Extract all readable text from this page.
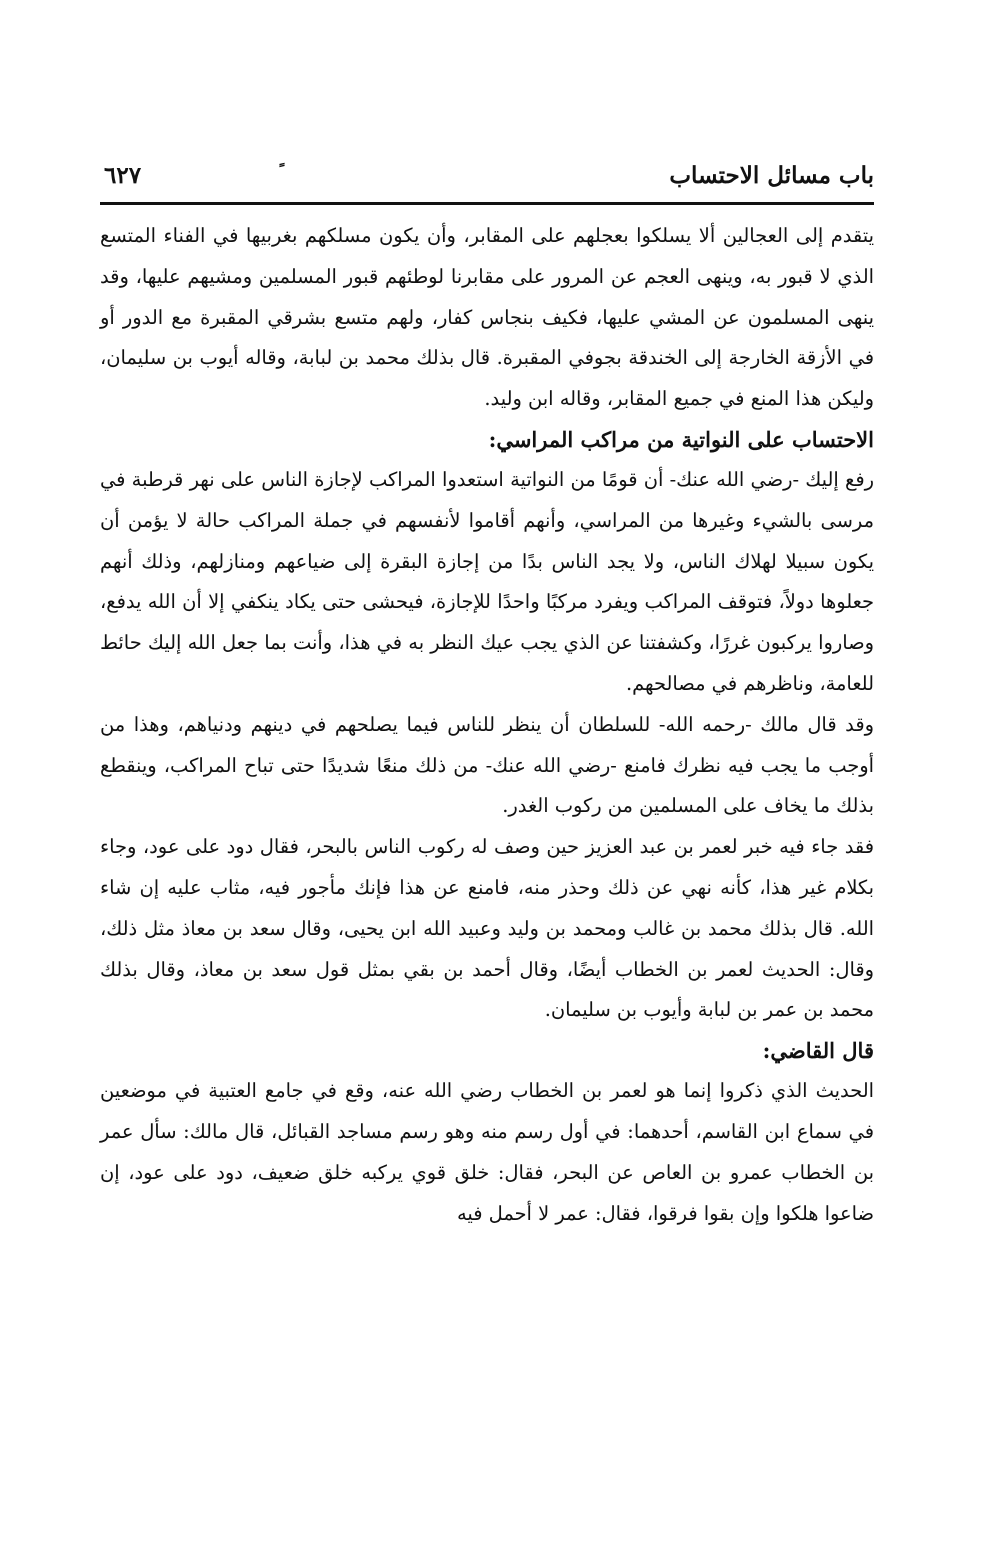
باب مسائل الاحتساب
٦٢٧

يتقدم إلى العجالين ألا يسلكوا بعجلهم على المقابر، وأن يكون مسلكهم بغربيها في الفناء المتسع الذي لا قبور به، وينهى العجم عن المرور على مقابرنا لوطئهم قبور المسلمين ومشيهم عليها، وقد ينهى المسلمون عن المشي عليها، فكيف بنجاس كفار، ولهم متسع بشرقي المقبرة مع الدور أو في الأزقة الخارجة إلى الخندقة بجوفي المقبرة. قال بذلك محمد بن لبابة، وقاله أيوب بن سليمان، وليكن هذا المنع في جميع المقابر، وقاله ابن وليد.

الاحتساب على النواتية من مراكب المراسي:

رفع إليك -رضي الله عنك- أن قومًا من النواتية استعدوا المراكب لإجازة الناس على نهر قرطبة في مرسى بالشيء وغيرها من المراسي، وأنهم أقاموا لأنفسهم في جملة المراكب حالة لا يؤمن أن يكون سبيلا لهلاك الناس، ولا يجد الناس بدًا من إجازة البقرة إلى ضياعهم ومنازلهم، وذلك أنهم جعلوها دولاً، فتوقف المراكب ويفرد مركبًا واحدًا للإجازة، فيحشى حتى يكاد ينكفي إلا أن الله يدفع، وصاروا يركبون غررًا، وكشفتنا عن الذي يجب عيك النظر به في هذا، وأنت بما جعل الله إليك حائط للعامة، وناظرهم في مصالحهم.

وقد قال مالك -رحمه الله- للسلطان أن ينظر للناس فيما يصلحهم في دينهم ودنياهم، وهذا من أوجب ما يجب فيه نظرك فامنع -رضي الله عنك- من ذلك منعًا شديدًا حتى تباح المراكب، وينقطع بذلك ما يخاف على المسلمين من ركوب الغدر.

فقد جاء فيه خبر لعمر بن عبد العزيز حين وصف له ركوب الناس بالبحر، فقال دود على عود، وجاء بكلام غير هذا، كأنه نهي عن ذلك وحذر منه، فامنع عن هذا فإنك مأجور فيه، مثاب عليه إن شاء الله. قال بذلك محمد بن غالب ومحمد بن وليد وعبيد الله ابن يحيى، وقال سعد بن معاذ مثل ذلك، وقال: الحديث لعمر بن الخطاب أيضًا، وقال أحمد بن بقي بمثل قول سعد بن معاذ، وقال بذلك محمد بن عمر بن لبابة وأيوب بن سليمان.

قال القاضي:

الحديث الذي ذكروا إنما هو لعمر بن الخطاب رضي الله عنه، وقع في جامع العتبية في موضعين في سماع ابن القاسم، أحدهما: في أول رسم منه وهو رسم مساجد القبائل، قال مالك: سأل عمر بن الخطاب عمرو بن العاص عن البحر، فقال: خلق قوي يركبه خلق ضعيف، دود على عود، إن ضاعوا هلكوا وإن بقوا فرقوا، فقال: عمر لا أحمل فيه
